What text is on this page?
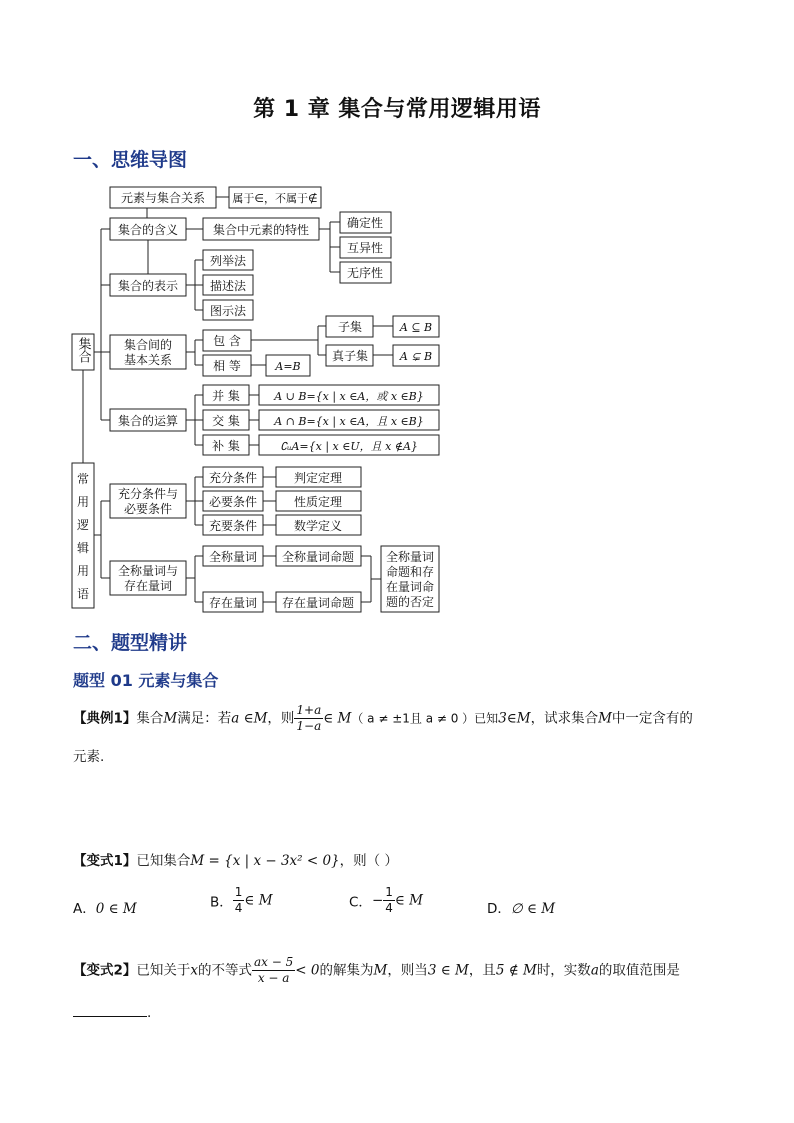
第 1 章 集合与常用逻辑用语
一、思维导图
集合
常
用
逻
辑
用
语
元素与集合关系 属于∈，不属于∉
集合的含义	集合中元素的特性	确定性
互异性
无序性
集合的表示
列举法
描述法
图示法
集合间的
基本关系
包 含
相 等	A=B
子集
真子集
A ⊆ B
A ⊊ B
集合的运算
并 集
交 集
补 集
A ∪ B={x | x ∈A，或 x ∈B}
A ∩ B={x | x ∈A，且 x ∈B}
∁ᵤA={x | x ∈U，且 x ∉A}
充分条件与
必要条件
充分条件
必要条件
充要条件
判定定理
性质定理
数学定义
全称量词与
存在量词
全称量词
存在量词
全称量词命题
存在量词命题
全称量词
命题和存
在量词命
题的否定
二、题型精讲
题型 01 元素与集合
【典例1】集合M满足：若a ∈M，则 $\frac{1+a}{1-a}$ ∈ M（ a ≠ ±1且 a ≠ 0 ）已知3∈M，试求集合M中一定含有的
元素.
【变式1】已知集合M = {x | x − 3x² < 0}，则（ ）
A．0 ∈ M	B． $\frac{1}{4}$ ∈ M	C．− $\frac{1}{4}$ ∈ M
D．∅ ∈ M
【变式2】已知关于x的不等式 $\frac{ax - 5}{x - a} < 0$的解集为M，则当3 ∈ M，且5 ∉ M时，实数a的取值范围是
.
